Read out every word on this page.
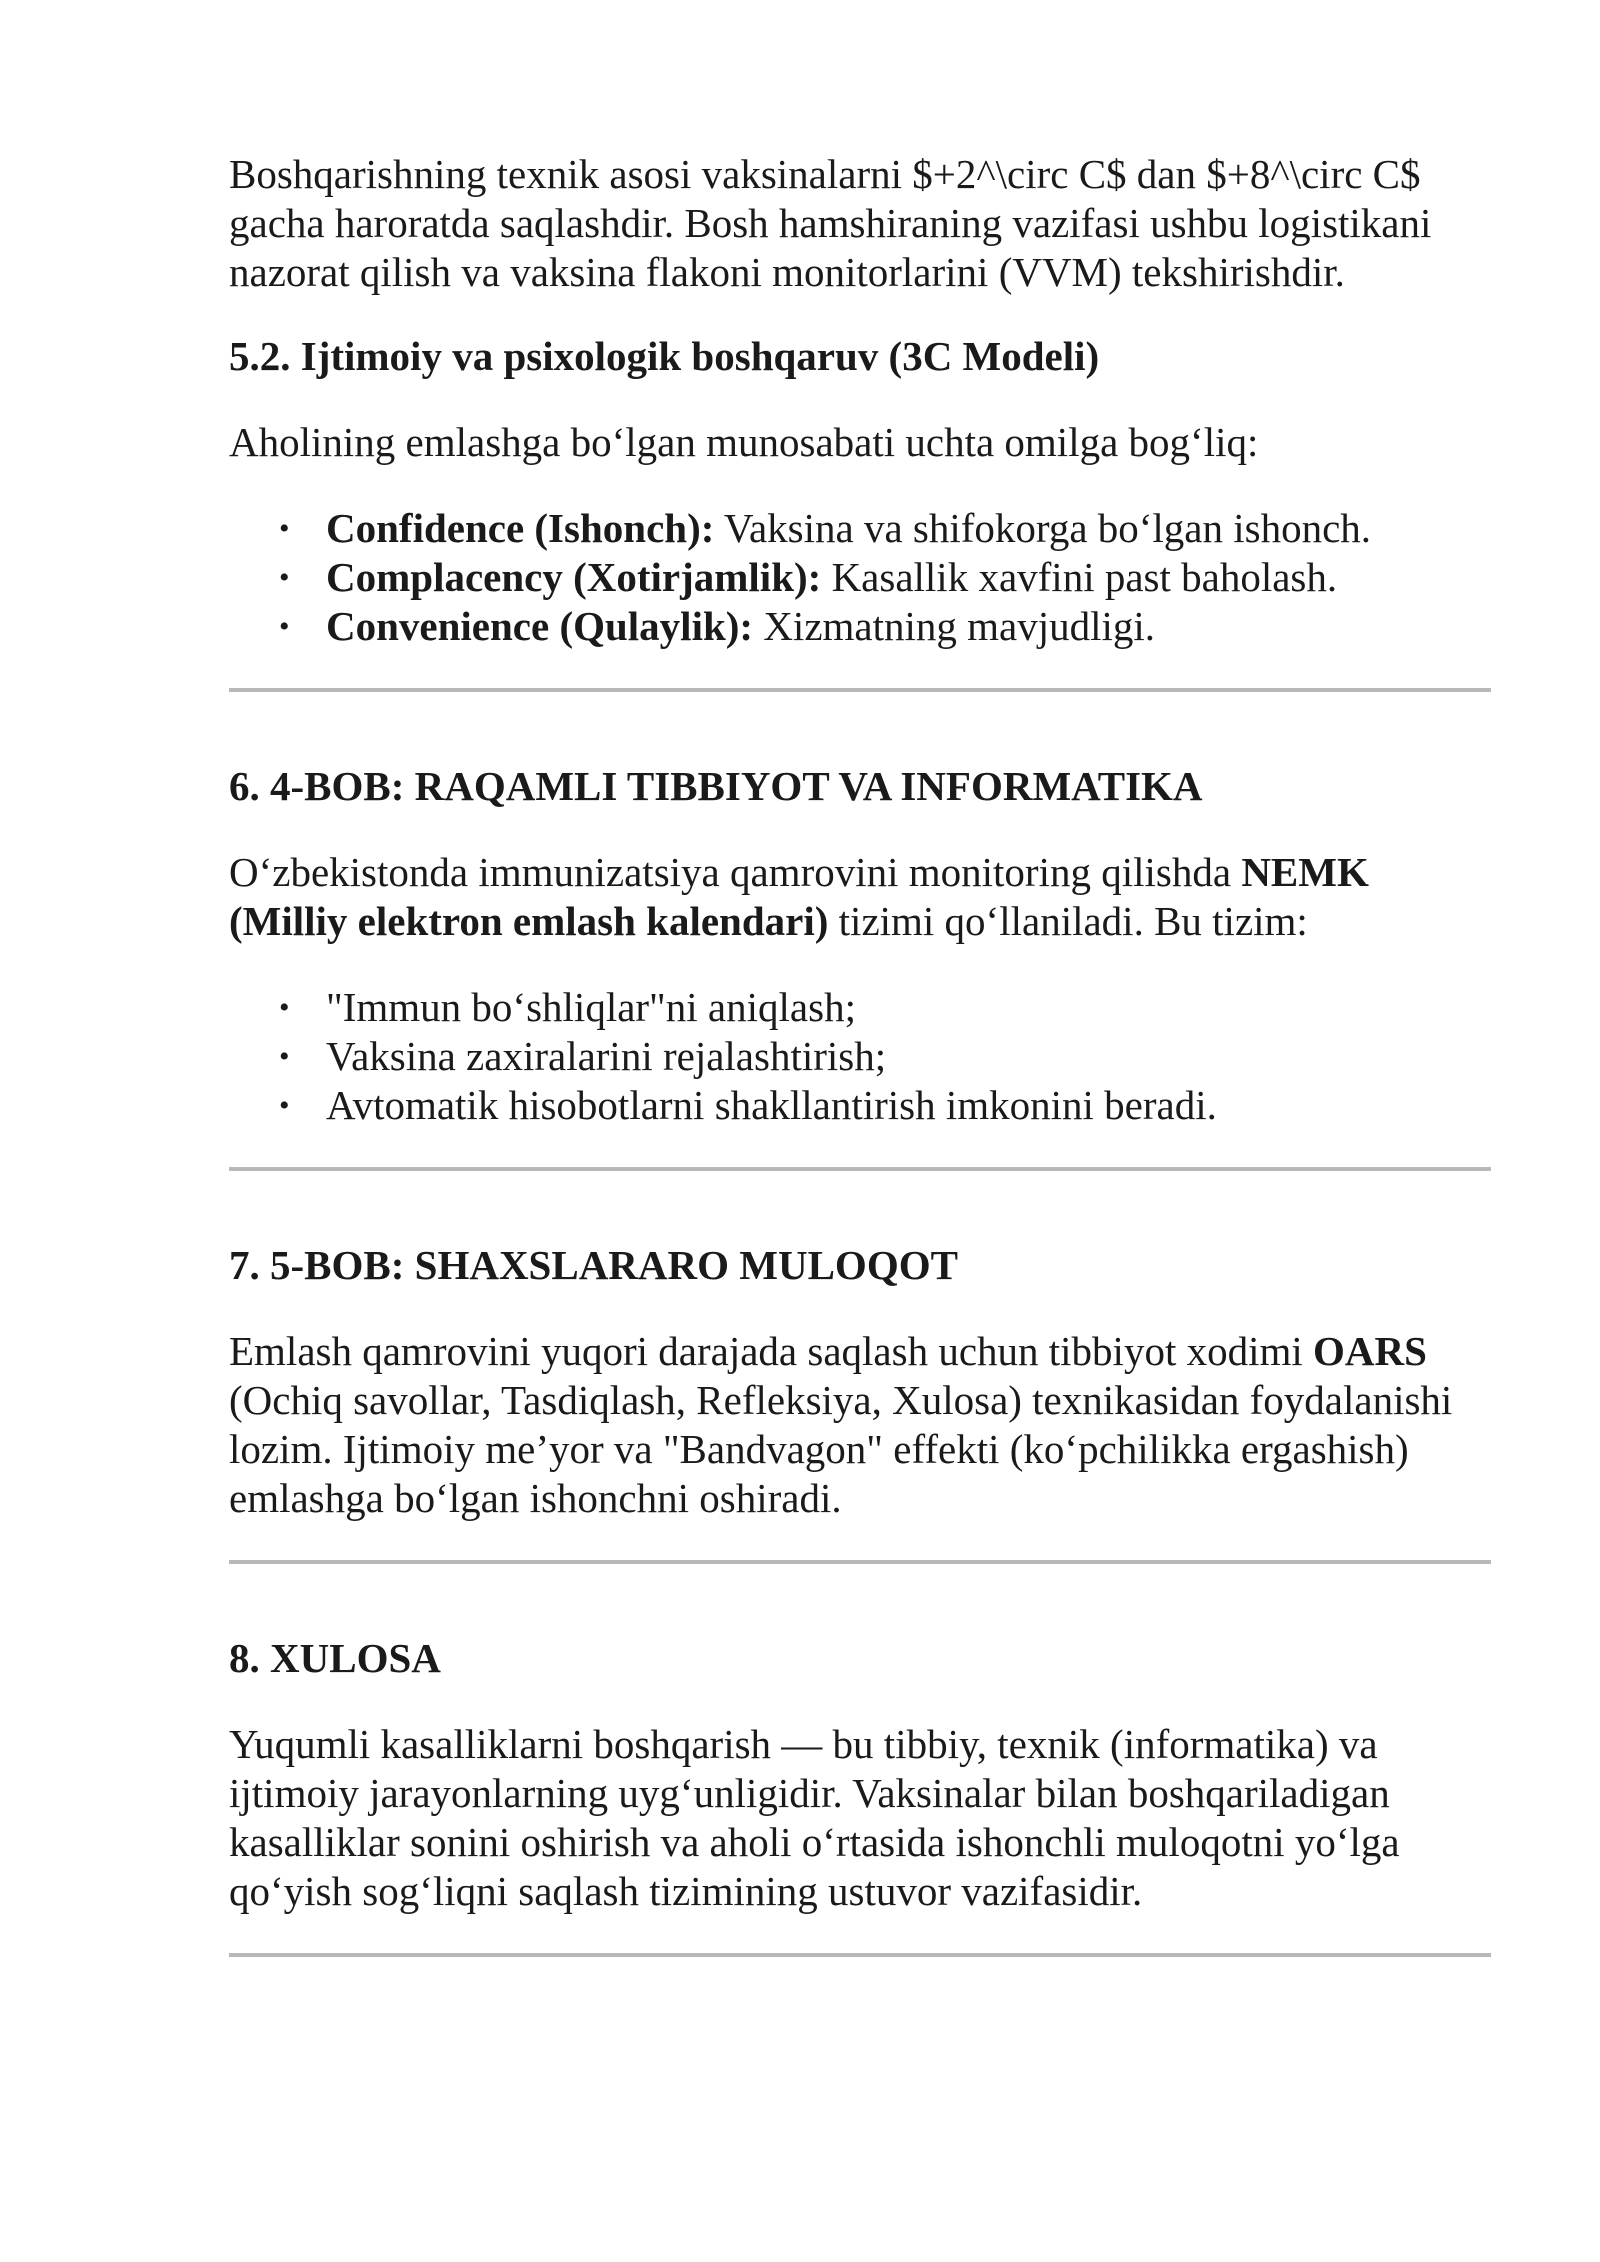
Boshqarishning texnik asosi vaksinalarni $+2^\circ C$ dan $+8^\circ C$ gacha haroratda saqlashdir. Bosh hamshiraning vazifasi ushbu logistikani nazorat qilish va vaksina flakoni monitorlarini (VVM) tekshirishdir.

5.2. Ijtimoiy va psixologik boshqaruv (3C Modeli)

Aholining emlashga bo‘lgan munosabati uchta omilga bog‘liq:

• Confidence (Ishonch): Vaksina va shifokorga bo‘lgan ishonch.
• Complacency (Xotirjamlik): Kasallik xavfini past baholash.
• Convenience (Qulaylik): Xizmatning mavjudligi.
6. 4-BOB: RAQAMLI TIBBIYOT VA INFORMATIKA

O‘zbekistonda immunizatsiya qamrovini monitoring qilishda NEMK (Milliy elektron emlash kalendari) tizimi qo‘llaniladi. Bu tizim:

• "Immun bo‘shliqlar"ni aniqlash;
• Vaksina zaxiralarini rejalashtirish;
• Avtomatik hisobotlarni shakllantirish imkonini beradi.
7. 5-BOB: SHAXSLARARO MULOQOT

Emlash qamrovini yuqori darajada saqlash uchun tibbiyot xodimi OARS (Ochiq savollar, Tasdiqlash, Refleksiya, Xulosa) texnikasidan foydalanishi lozim. Ijtimoiy me’yor va "Bandvagon" effekti (ko‘pchilikka ergashish) emlashga bo‘lgan ishonchni oshiradi.

8. XULOSA

Yuqumli kasalliklarni boshqarish — bu tibbiy, texnik (informatika) va ijtimoiy jarayonlarning uyg‘unligidir. Vaksinalar bilan boshqariladigan kasalliklar sonini oshirish va aholi o‘rtasida ishonchli muloqotni yo‘lga qo‘yish sog‘liqni saqlash tizimining ustuvor vazifasidir.
